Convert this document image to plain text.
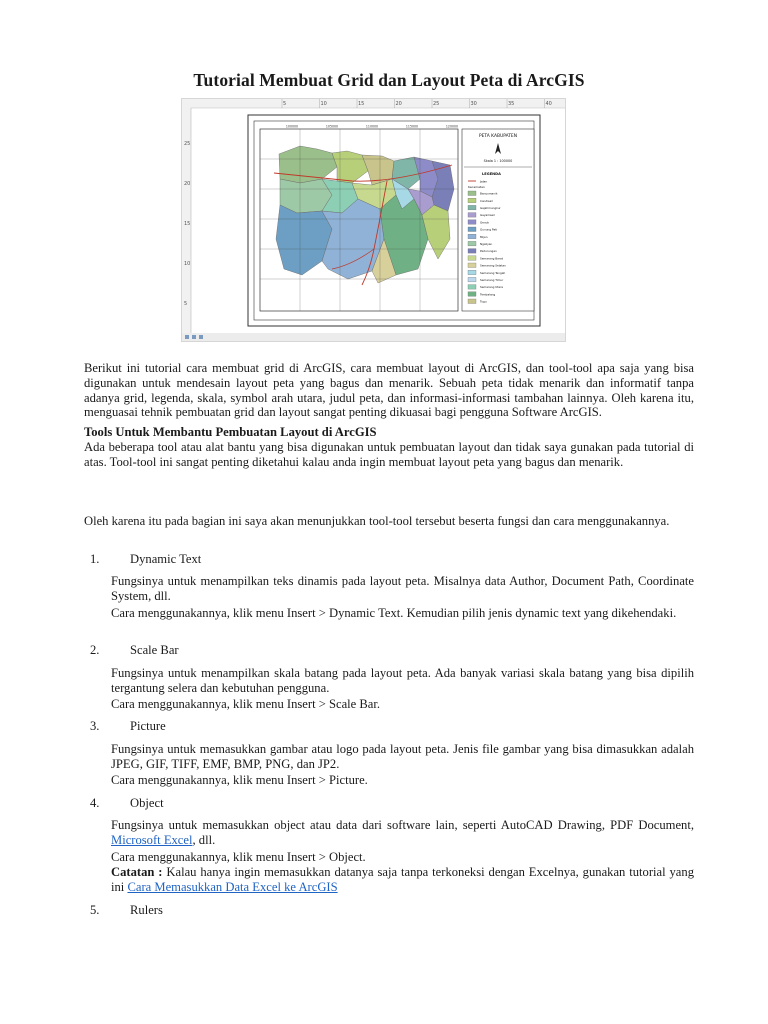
Tutorial Membuat Grid dan Layout Peta di ArcGIS
5	10	15	20	25	30	35	40
25
20
15
10
5
100000	105000	110000	115000	120000
PETA KABUPATEN
Skala 1 : 100000
LEGENDA
Jalan
Kecamatan
Banyumanik
Candisari
Gajahmungkur
Gayamsari
Genuk
Gunung Pati
Mijen
Ngaliyan
Pedurungan
Semarang Barat
Semarang Selatan
Semarang Tengah
Semarang Timur
Semarang Utara
Tembalang
Tugu

Berikut ini tutorial cara membuat grid di ArcGIS, cara membuat layout di ArcGIS, dan tool-tool apa saja yang bisa digunakan untuk mendesain layout peta yang bagus dan menarik. Sebuah peta tidak menarik dan informatif tanpa adanya grid, legenda, skala, symbol arah utara, judul peta, dan informasi-informasi tambahan lainnya. Oleh karena itu, menguasai tehnik pembuatan grid dan layout sangat penting dikuasai bagi pengguna Software ArcGIS.

Tools Untuk Membantu Pembuatan Layout di ArcGIS

Ada beberapa tool atau alat bantu yang bisa digunakan untuk pembuatan layout dan tidak saya gunakan pada tutorial di atas. Tool-tool ini sangat penting diketahui kalau anda ingin membuat layout peta yang bagus dan menarik.

Oleh karena itu pada bagian ini saya akan menunjukkan tool-tool tersebut beserta fungsi dan cara menggunakannya.

1. Dynamic Text

Fungsinya untuk menampilkan teks dinamis pada layout peta. Misalnya data Author, Document Path, Coordinate System, dll.

Cara menggunakannya, klik menu Insert > Dynamic Text. Kemudian pilih jenis dynamic text yang dikehendaki.

2. Scale Bar

Fungsinya untuk menampilkan skala batang pada layout peta. Ada banyak variasi skala batang yang bisa dipilih tergantung selera dan kebutuhan pengguna.

Cara menggunakannya, klik menu Insert > Scale Bar.

3. Picture

Fungsinya untuk memasukkan gambar atau logo pada layout peta. Jenis file gambar yang bisa dimasukkan adalah JPEG, GIF, TIFF, EMF, BMP, PNG, dan JP2.

Cara menggunakannya, klik menu Insert > Picture.

4. Object

Fungsinya untuk memasukkan object atau data dari software lain, seperti AutoCAD Drawing, PDF Document, Microsoft Excel, dll.

Cara menggunakannya, klik menu Insert > Object.

Catatan : Kalau hanya ingin memasukkan datanya saja tanpa terkoneksi dengan Excelnya, gunakan tutorial yang ini Cara Memasukkan Data Excel ke ArcGIS

5. Rulers
